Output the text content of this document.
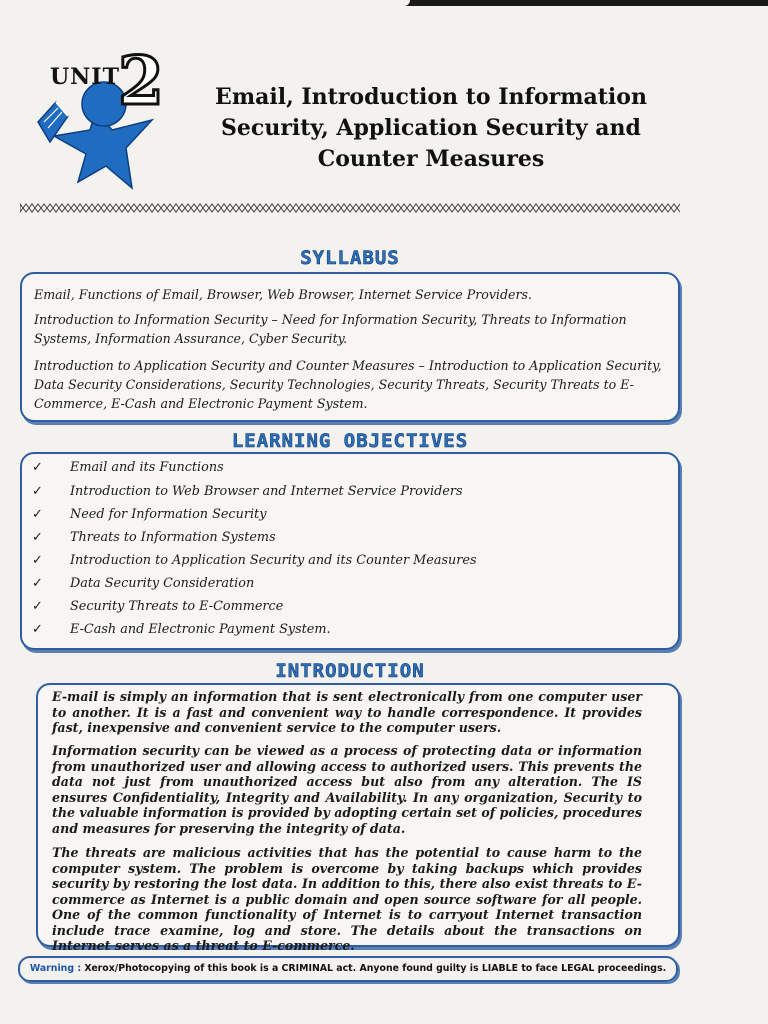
UNIT
2	Email, Introduction to Information
Security, Application Security and
Counter Measures
SYLLABUS

Email, Functions of Email, Browser, Web Browser, Internet Service Providers.

Introduction to Information Security – Need for Information Security, Threats to Information Systems, Information Assurance, Cyber Security.

Introduction to Application Security and Counter Measures – Introduction to Application Security, Data Security Considerations, Security Technologies, Security Threats, Security Threats to E-Commerce, E-Cash and Electronic Payment System.

LEARNING OBJECTIVES
✓ Email and its Functions
✓ Introduction to Web Browser and Internet Service Providers
✓ Need for Information Security
✓ Threats to Information Systems
✓ Introduction to Application Security and its Counter Measures
✓ Data Security Consideration
✓ Security Threats to E-Commerce
✓ E-Cash and Electronic Payment System.
INTRODUCTION

E-mail is simply an information that is sent electronically from one computer user to another. It is a fast and convenient way to handle correspondence. It provides fast, inexpensive and convenient service to the computer users.

Information security can be viewed as a process of protecting data or information from unauthorized user and allowing access to authorized users. This prevents the data not just from unauthorized access but also from any alteration. The IS ensures Confidentiality, Integrity and Availability. In any organization, Security to the valuable information is provided by adopting certain set of policies, procedures and measures for preserving the integrity of data.

The threats are malicious activities that has the potential to cause harm to the computer system. The problem is overcome by taking backups which provides security by restoring the lost data. In addition to this, there also exist threats to E-commerce as Internet is a public domain and open source software for all people. One of the common functionality of Internet is to carryout Internet transaction include trace examine, log and store. The details about the transactions on Internet serves as a threat to E-commerce.

Warning : Xerox/Photocopying of this book is a CRIMINAL act. Anyone found guilty is LIABLE to face LEGAL proceedings.
